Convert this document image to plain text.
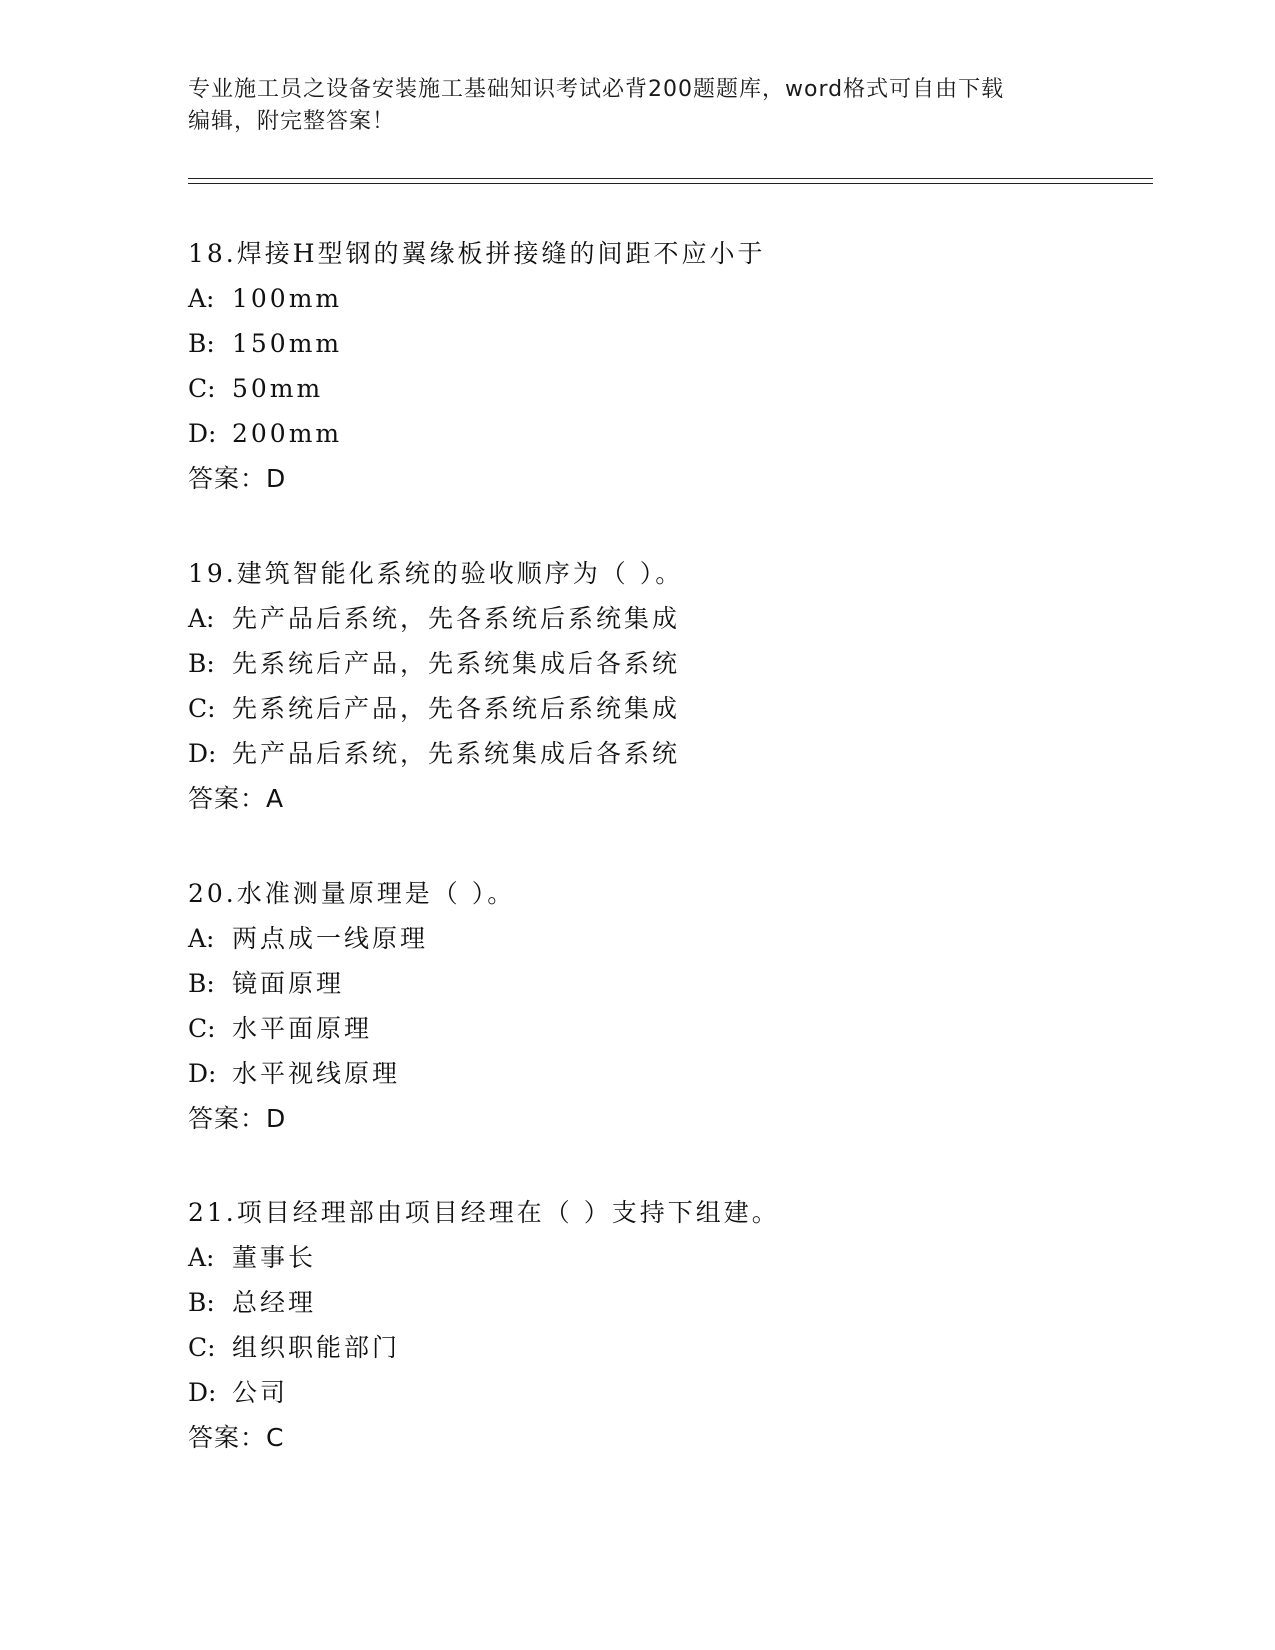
专业施工员之设备安装施工基础知识考试必背200题题库，word格式可自由下载
编辑，附完整答案！
18.焊接H型钢的翼缘板拼接缝的间距不应小于
A: 100mm
B: 150mm
C: 50mm
D: 200mm
答案：D
19.建筑智能化系统的验收顺序为（ ）。
A: 先产品后系统，先各系统后系统集成
B: 先系统后产品，先系统集成后各系统
C: 先系统后产品，先各系统后系统集成
D: 先产品后系统，先系统集成后各系统
答案：A
20.水准测量原理是（ ）。
A: 两点成一线原理
B: 镜面原理
C: 水平面原理
D: 水平视线原理
答案：D
21.项目经理部由项目经理在（ ）支持下组建。
A: 董事长
B: 总经理
C: 组织职能部门
D: 公司
答案：C
